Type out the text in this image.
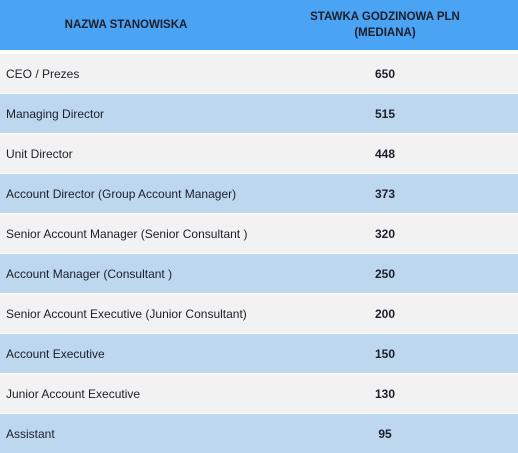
NAZWA STANOWISKA	STAWKA GODZINOWA PLN
(MEDIANA)

CEO / Prezes	650
Managing Director	515
Unit Director	448
Account Director (Group Account Manager)	373
Senior Account Manager (Senior Consultant )	320
Account Manager (Consultant )	250
Senior Account Executive (Junior Consultant)	200
Account Executive	150
Junior Account Executive	130
Assistant	95
